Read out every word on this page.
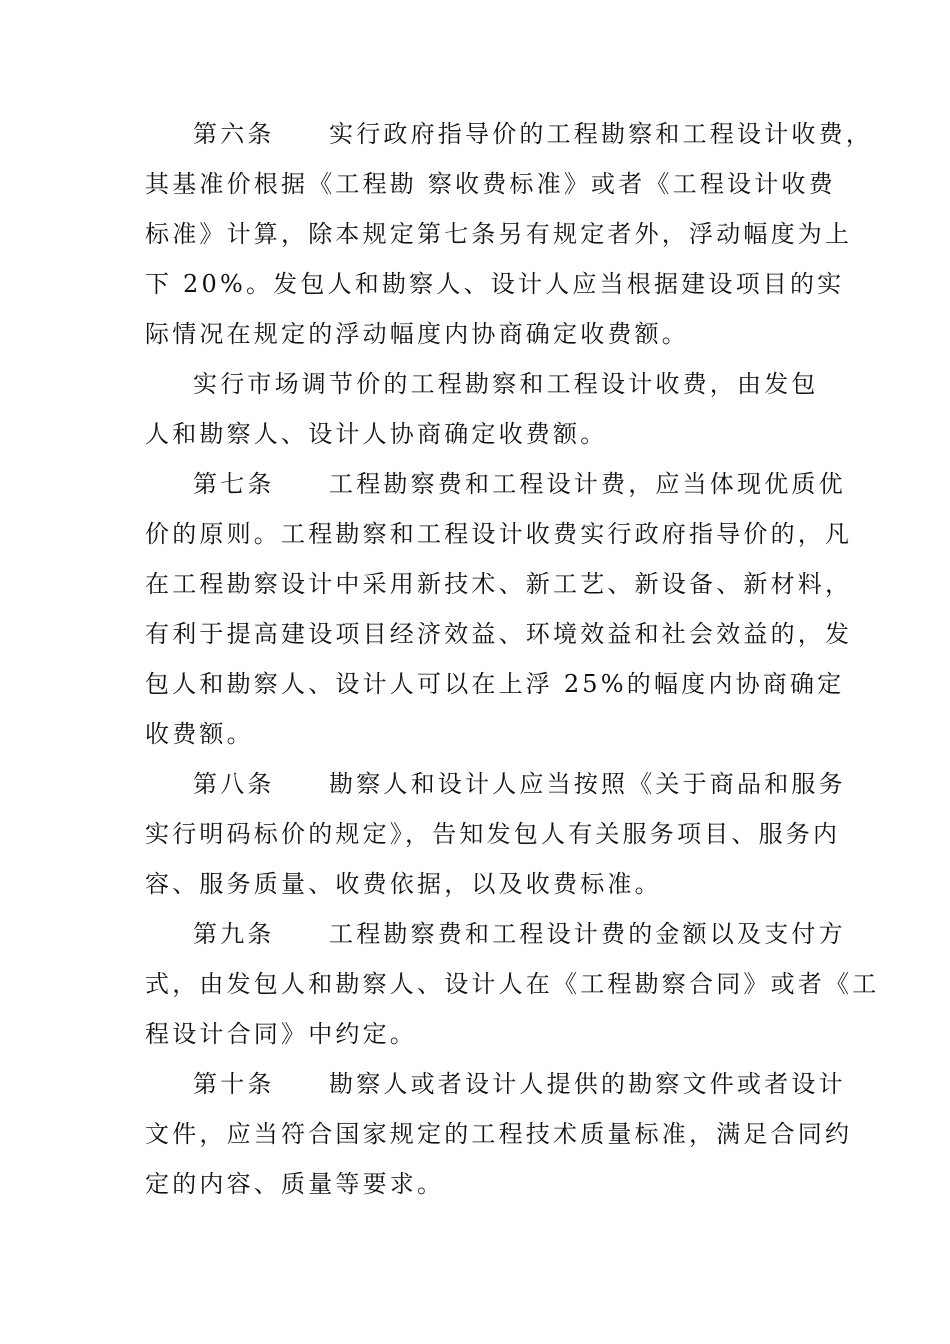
第六条　　实行政府指导价的工程勘察和工程设计收费，
其基准价根据《工程勘 察收费标准》或者《工程设计收费
标准》计算，除本规定第七条另有规定者外，浮动幅度为上
下 20%。发包人和勘察人、设计人应当根据建设项目的实
际情况在规定的浮动幅度内协商确定收费额。
实行市场调节价的工程勘察和工程设计收费，由发包
人和勘察人、设计人协商确定收费额。
第七条　　工程勘察费和工程设计费，应当体现优质优
价的原则。工程勘察和工程设计收费实行政府指导价的，凡
在工程勘察设计中采用新技术、新工艺、新设备、新材料，
有利于提高建设项目经济效益、环境效益和社会效益的，发
包人和勘察人、设计人可以在上浮 25%的幅度内协商确定
收费额。
第八条　　勘察人和设计人应当按照《关于商品和服务
实行明码标价的规定》，告知发包人有关服务项目、服务内
容、服务质量、收费依据，以及收费标准。
第九条　　工程勘察费和工程设计费的金额以及支付方
式，由发包人和勘察人、设计人在《工程勘察合同》或者《工
程设计合同》中约定。
第十条　　勘察人或者设计人提供的勘察文件或者设计
文件，应当符合国家规定的工程技术质量标准，满足合同约
定的内容、质量等要求。
